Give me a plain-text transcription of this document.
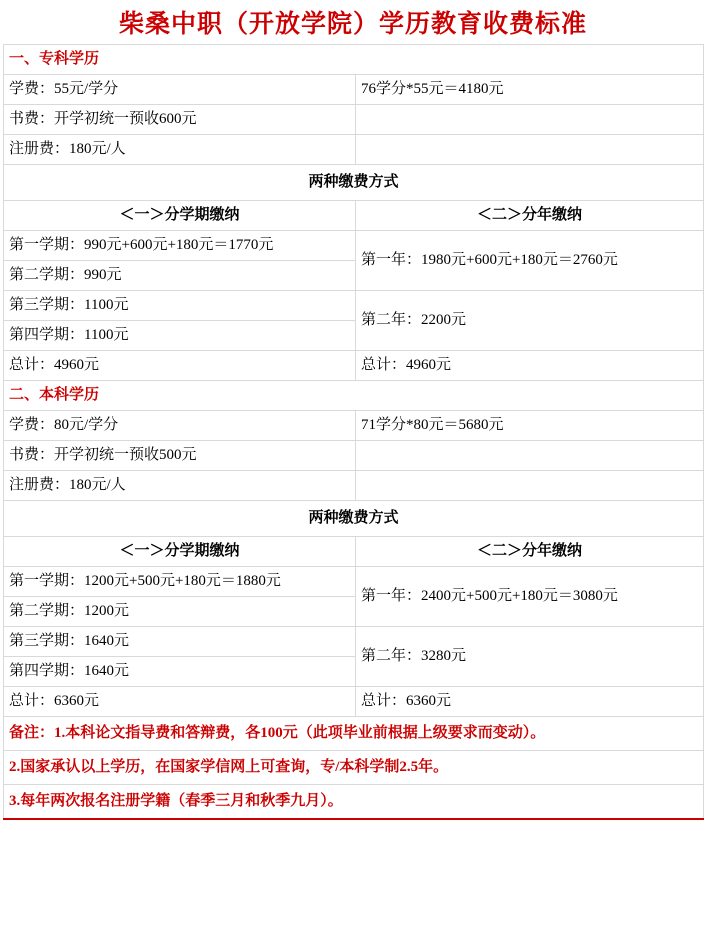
柴桑中职（开放学院）学历教育收费标准
一、专科学历	
学费：55元/学分	76学分*55元＝4180元
书费：开学初统一预收600元	
注册费：180元/人	
两种缴费方式	
＜一＞分学期缴纳	＜二＞分年缴纳
第一学期：990元+600元+180元＝1770元	第一年：1980元+600元+180元＝2760元
第二学期：990元	
第三学期：1100元	第二年：2200元
第四学期：1100元	
总计：4960元	总计：4960元
二、本科学历	
学费：80元/学分	71学分*80元＝5680元
书费：开学初统一预收500元	
注册费：180元/人	
两种缴费方式	
＜一＞分学期缴纳	＜二＞分年缴纳
第一学期：1200元+500元+180元＝1880元	第一年：2400元+500元+180元＝3080元
第二学期：1200元	
第三学期：1640元	第二年：3280元
第四学期：1640元	
总计：6360元	总计：6360元
备注：1.本科论文指导费和答辩费，各100元（此项毕业前根据上级要求而变动）。	
2.国家承认以上学历，在国家学信网上可查询，专/本科学制2.5年。	
3.每年两次报名注册学籍（春季三月和秋季九月）。	
